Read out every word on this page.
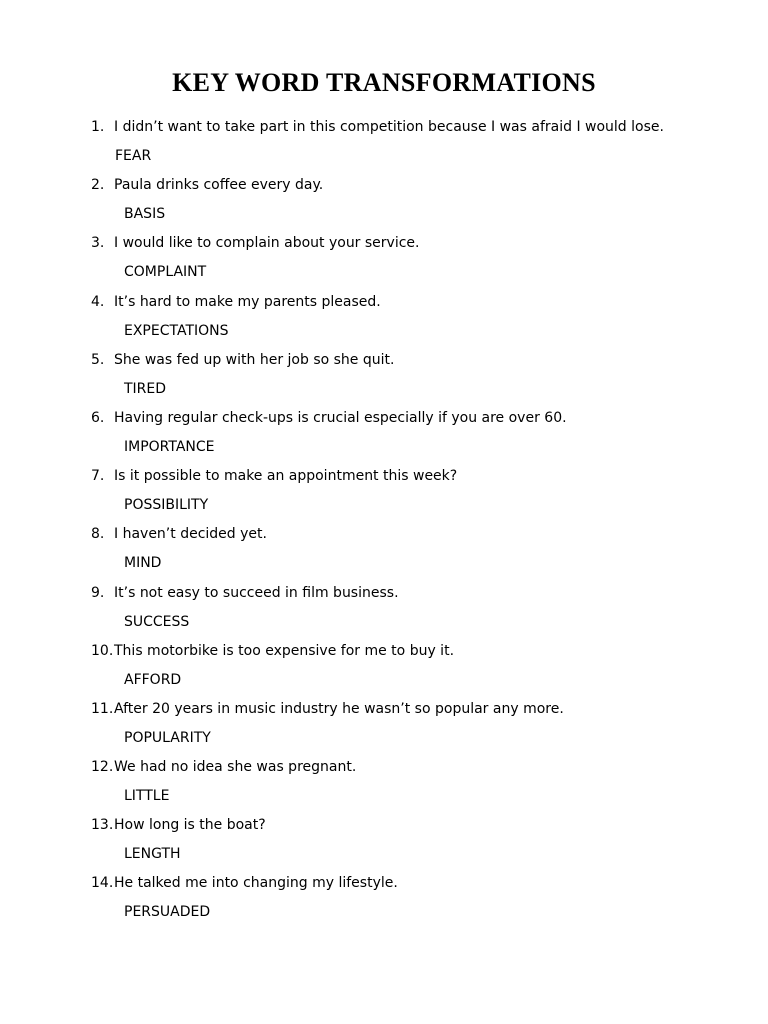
KEY WORD TRANSFORMATIONS
1. I didn’t want to take part in this competition because I was afraid I would lose.
FEAR
2. Paula drinks coffee every day.
BASIS
3. I would like to complain about your service.
COMPLAINT
4. It’s hard to make my parents pleased.
EXPECTATIONS
5. She was fed up with her job so she quit.
TIRED
6. Having regular check-ups is crucial especially if you are over 60.
IMPORTANCE
7. Is it possible to make an appointment this week?
POSSIBILITY
8. I haven’t decided yet.
MIND
9. It’s not easy to succeed in film business.
SUCCESS
10. This motorbike is too expensive for me to buy it.
AFFORD
11. After 20 years in music industry he wasn’t so popular any more.
POPULARITY
12. We had no idea she was pregnant.
LITTLE
13. How long is the boat?
LENGTH
14. He talked me into changing my lifestyle.
PERSUADED
